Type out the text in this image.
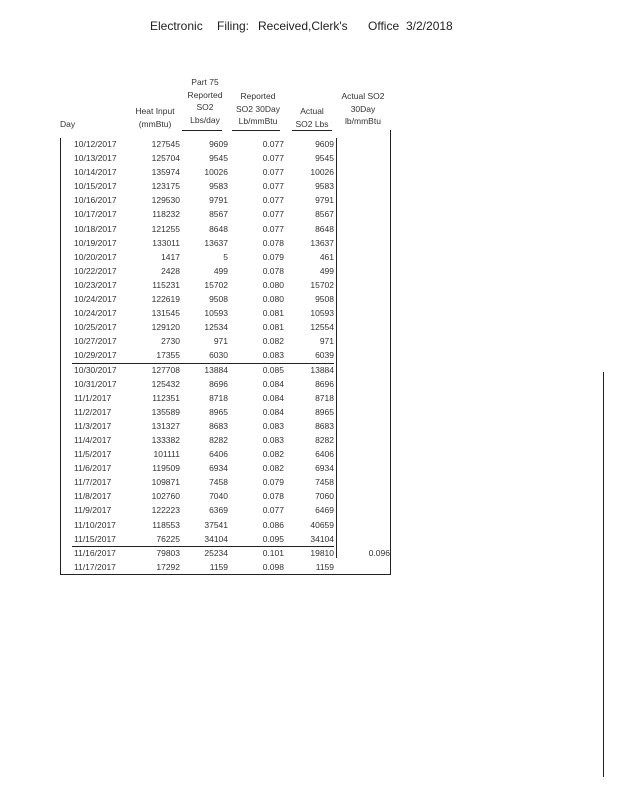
Electronic Filing: Received,Clerk's Office 3/2/2018
Day
Heat Input
(mmBtu)
Part 75
Reported
SO2
Lbs/day
Reported
SO2 30Day
Lb/mmBtu
Actual
SO2 Lbs
Actual SO2
30Day
lb/mmBtu
10/12/2017	127545	9609	0.077	9609
10/13/2017	125704	9545	0.077	9545
10/14/2017	135974	10026	0.077	10026
10/15/2017	123175	9583	0.077	9583
10/16/2017	129530	9791	0.077	9791
10/17/2017	118232	8567	0.077	8567
10/18/2017	121255	8648	0.077	8648
10/19/2017	133011	13637	0.078	13637
10/20/2017	1417	5	0.079	461
10/22/2017	2428	499	0.078	499
10/23/2017	115231	15702	0.080	15702
10/24/2017	122619	9508	0.080	9508
10/24/2017	131545	10593	0.081	10593
10/25/2017	129120	12534	0.081	12554
10/27/2017	2730	971	0.082	971
10/29/2017	17355	6030	0.083	6039
10/30/2017	127708	13884	0.085	13884
10/31/2017	125432	8696	0.084	8696
11/1/2017	112351	8718	0.084	8718
11/2/2017	135589	8965	0.084	8965
11/3/2017	131327	8683	0.083	8683
11/4/2017	133382	8282	0.083	8282
11/5/2017	101111	6406	0.082	6406
11/6/2017	119509	6934	0.082	6934
11/7/2017	109871	7458	0.079	7458
11/8/2017	102760	7040	0.078	7060
11/9/2017	122223	6369	0.077	6469
11/10/2017	118553	37541	0.086	40659
11/15/2017	76225	34104	0.095	34104
11/16/2017	79803	25234	0.101	19810	0.096
11/17/2017	17292	1159	0.098	1159
